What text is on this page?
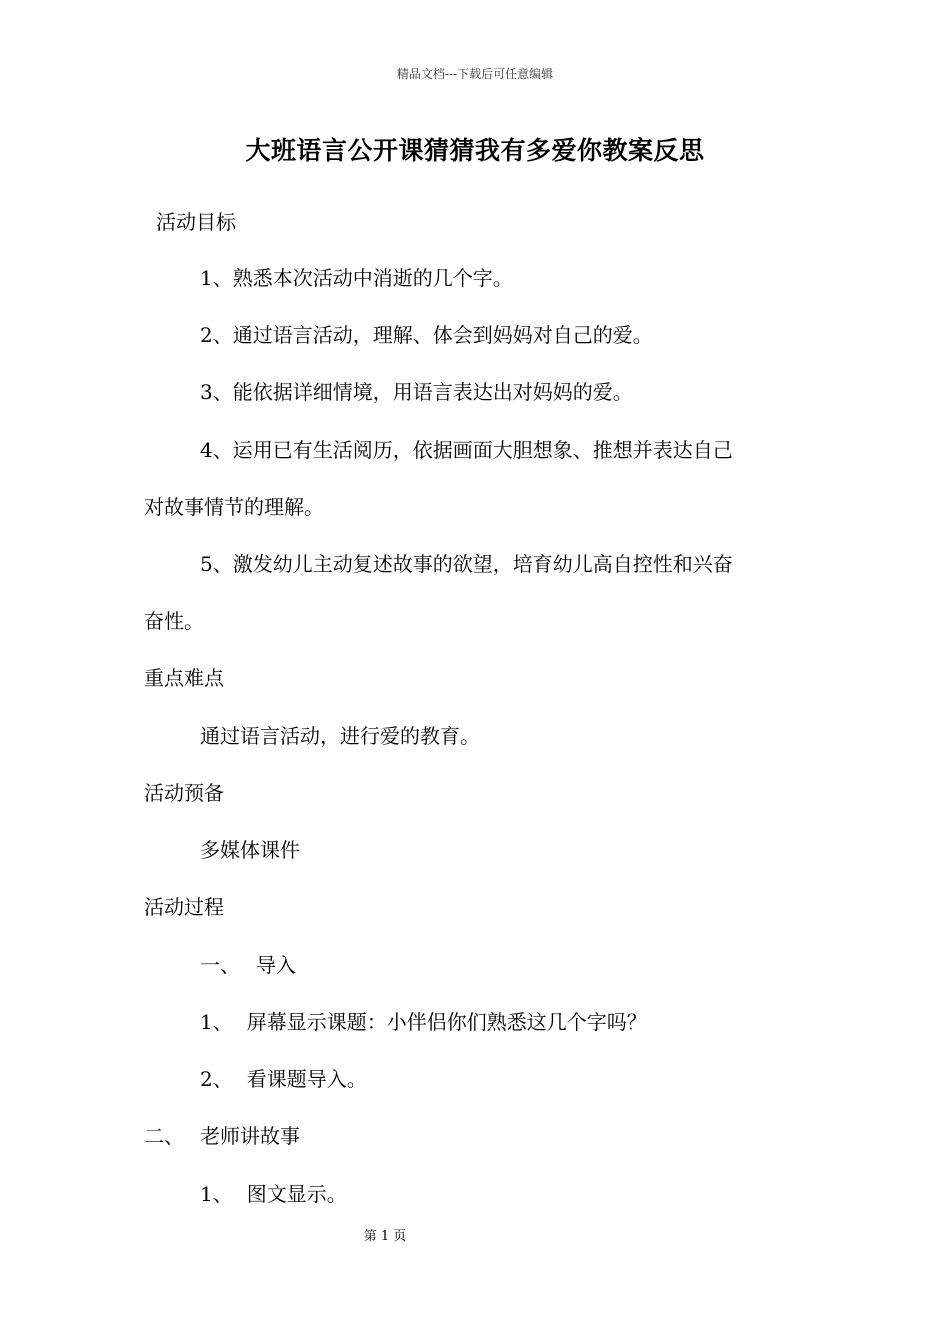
精品文档---下载后可任意编辑
大班语言公开课猜猜我有多爱你教案反思
活动目标
1、熟悉本次活动中消逝的几个字。
2、通过语言活动，理解、体会到妈妈对自己的爱。
3、能依据详细情境，用语言表达出对妈妈的爱。
4、运用已有生活阅历，依据画面大胆想象、推想并表达自己
对故事情节的理解。
5、激发幼儿主动复述故事的欲望，培育幼儿高自控性和兴奋
奋性。
重点难点
通过语言活动，进行爱的教育。
活动预备
多媒体课件
活动过程
一、 导入
1、 屏幕显示课题：小伴侣你们熟悉这几个字吗？
2、 看课题导入。
二、 老师讲故事
1、 图文显示。
第 1 页
